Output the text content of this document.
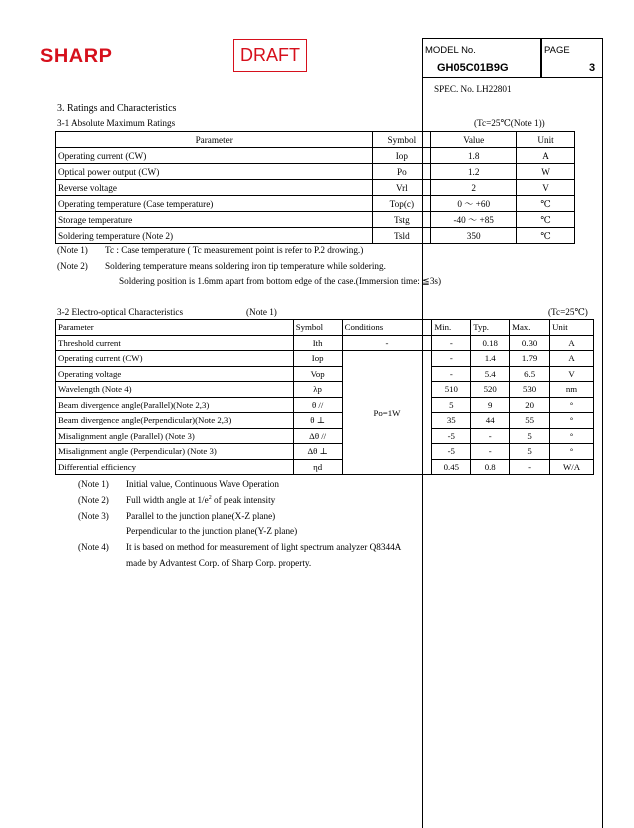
SHARP	DRAFT	MODEL No.
GH05C01B9G
PAGE
3
SPEC. No. LH22801
3. Ratings and Characteristics
3-1 Absolute Maximum Ratings	(Tc=25℃(Note 1))
Parameter	Symbol	Value	Unit
Operating current (CW)	Iop	1.8	A
Optical power output (CW)	Po	1.2	W
Reverse voltage	Vrl	2	V
Operating temperature (Case temperature)	Top(c)	0 〜 +60	℃
Storage temperature	Tstg	-40 〜 +85	℃
Soldering temperature (Note 2)	Tsld	350	℃
(Note 1) Tc : Case temperature ( Tc measurement point is refer to P.2 drowing.)
(Note 2) Soldering temperature means soldering iron tip temperature while soldering.
Soldering position is 1.6mm apart from bottom edge of the case.(Immersion time: ≦3s)
3-2 Electro-optical Characteristics	(Note 1)	(Tc=25℃)
Parameter	Symbol	Conditions	Min.	Typ.	Max.	Unit
Threshold current	Ith	-	-	0.18	0.30	A
Operating current (CW)	Iop	Po=1W	-	1.4	1.79	A
Operating voltage	Vop		-	5.4	6.5	V
Wavelength (Note 4)	λp		510	520	530	nm
Beam divergence angle(Parallel)(Note 2,3)	θ //		5	9	20	°
Beam divergence angle(Perpendicular)(Note 2,3)	θ ⊥		35	44	55	°
Misalignment angle (Parallel) (Note 3)	Δθ //		-5	-	5	°
Misalignment angle (Perpendicular) (Note 3)	Δθ ⊥		-5	-	5	°
Differential efficiency	ηd		0.45	0.8	-	W/A
(Note 1) Initial value, Continuous Wave Operation
(Note 2) Full width angle at $1/e^2$ of peak intensity
(Note 3) Parallel to the junction plane(X-Z plane)
Perpendicular to the junction plane(Y-Z plane)
(Note 4) It is based on method for measurement of light spectrum analyzer Q8344A
made by Advantest Corp. of Sharp Corp. property.
